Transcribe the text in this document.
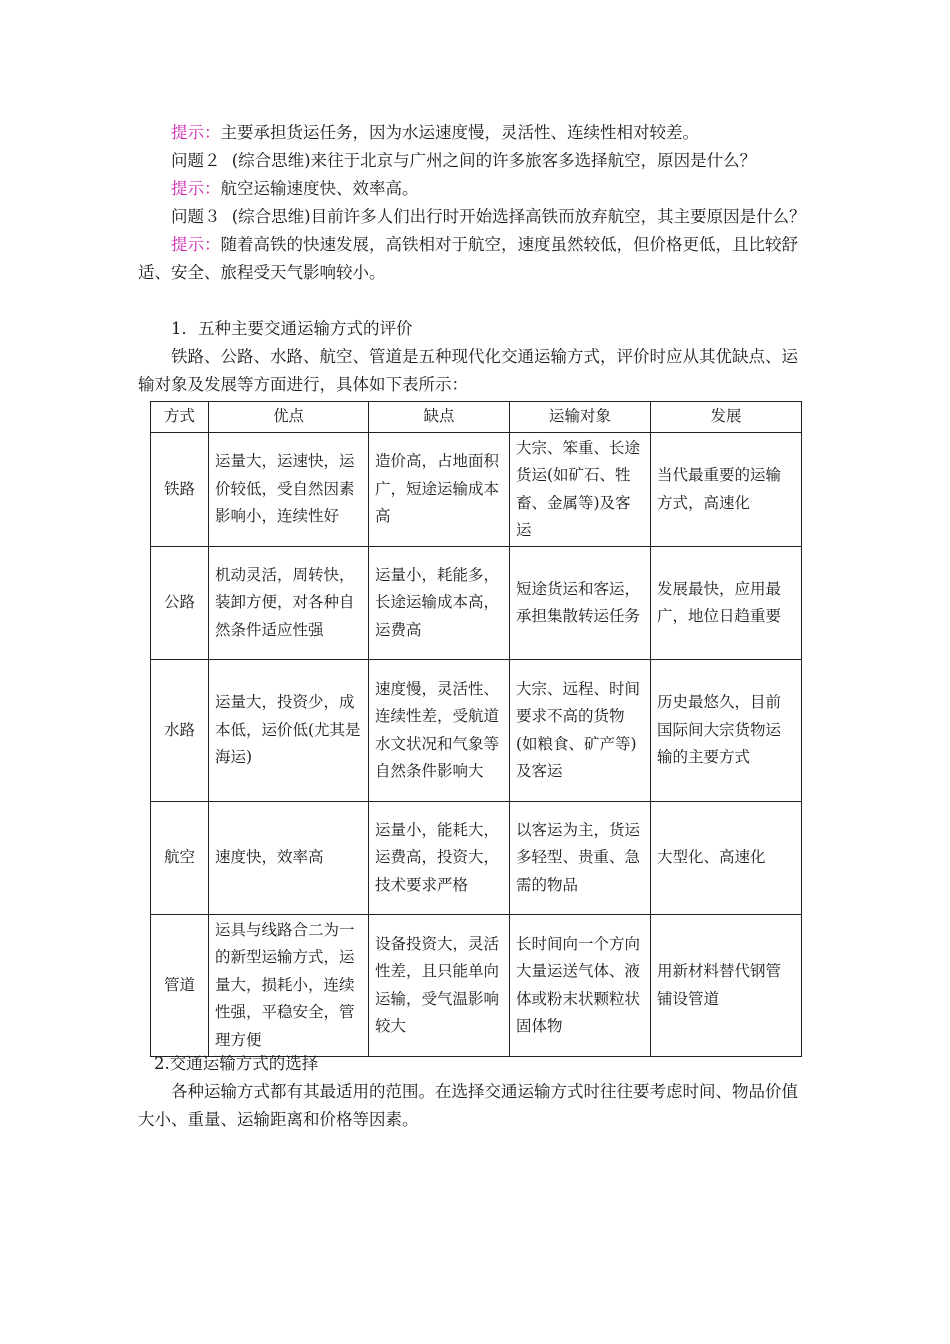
提示：主要承担货运任务，因为水运速度慢，灵活性、连续性相对较差。
问题２ (综合思维)来往于北京与广州之间的许多旅客多选择航空，原因是什么？
提示：航空运输速度快、效率高。
问题３ (综合思维)目前许多人们出行时开始选择高铁而放弃航空，其主要原因是什么？
提示：随着高铁的快速发展，高铁相对于航空，速度虽然较低，但价格更低，且比较舒
适、安全、旅程受天气影响较小。
1．五种主要交通运输方式的评价
铁路、公路、水路、航空、管道是五种现代化交通运输方式，评价时应从其优缺点、运
输对象及发展等方面进行，具体如下表所示：
方式	优点	缺点	运输对象	发展
铁路	运量大，运速快，运价较低，受自然因素影响小，连续性好	造价高，占地面积广，短途运输成本高	大宗、笨重、长途货运(如矿石、牲畜、金属等)及客运	当代最重要的运输方式，高速化
公路	机动灵活，周转快，装卸方便，对各种自然条件适应性强	运量小，耗能多，长途运输成本高，运费高	短途货运和客运，承担集散转运任务	发展最快，应用最广，地位日趋重要
水路	运量大，投资少，成本低，运价低(尤其是海运)	速度慢，灵活性、连续性差，受航道水文状况和气象等自然条件影响大	大宗、远程、时间要求不高的货物(如粮食、矿产等)及客运	历史最悠久，目前国际间大宗货物运输的主要方式
航空	速度快，效率高	运量小，能耗大，运费高，投资大，技术要求严格	以客运为主，货运多轻型、贵重、急需的物品	大型化、高速化
管道	运具与线路合二为一的新型运输方式，运量大，损耗小，连续性强，平稳安全，管理方便	设备投资大，灵活性差，且只能单向运输，受气温影响较大	长时间向一个方向大量运送气体、液体或粉末状颗粒状固体物	用新材料替代钢管铺设管道
2.交通运输方式的选择
各种运输方式都有其最适用的范围。在选择交通运输方式时往往要考虑时间、物品价值
大小、重量、运输距离和价格等因素。
